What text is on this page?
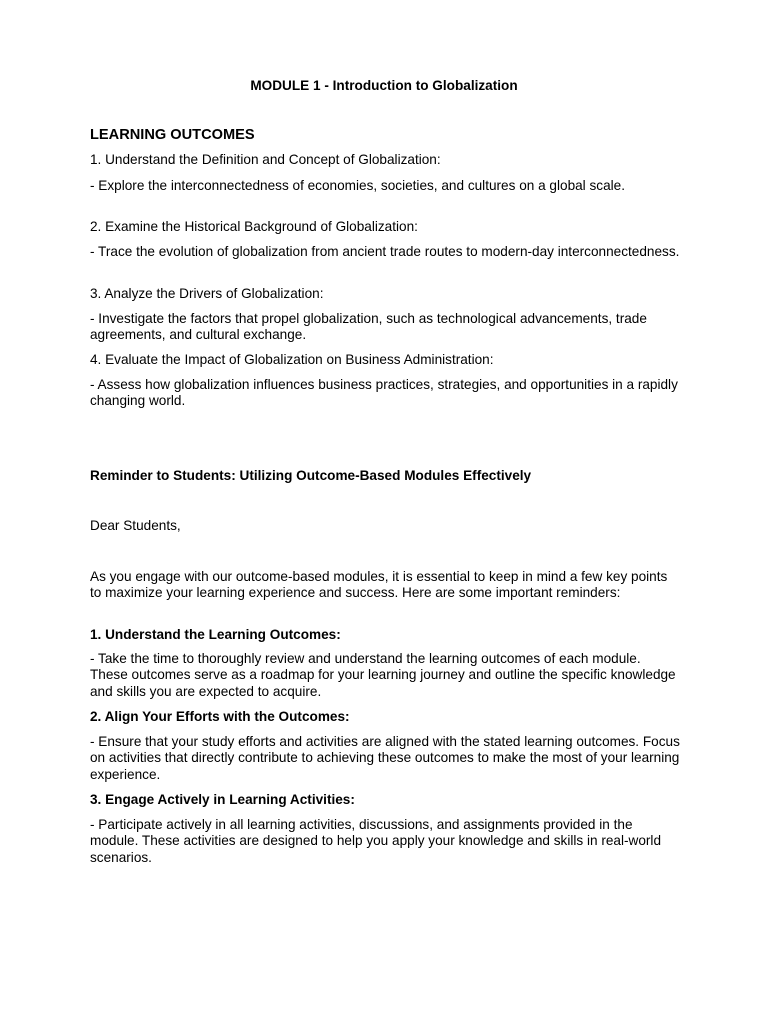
MODULE 1 - Introduction to Globalization
LEARNING OUTCOMES
1. Understand the Definition and Concept of Globalization:
- Explore the interconnectedness of economies, societies, and cultures on a global scale.
2. Examine the Historical Background of Globalization:
- Trace the evolution of globalization from ancient trade routes to modern-day interconnectedness.
3. Analyze the Drivers of Globalization:
- Investigate the factors that propel globalization, such as technological advancements, trade agreements, and cultural exchange.
4. Evaluate the Impact of Globalization on Business Administration:
- Assess how globalization influences business practices, strategies, and opportunities in a rapidly changing world.
Reminder to Students: Utilizing Outcome-Based Modules Effectively
Dear Students,
As you engage with our outcome-based modules, it is essential to keep in mind a few key points to maximize your learning experience and success. Here are some important reminders:
1. Understand the Learning Outcomes:
- Take the time to thoroughly review and understand the learning outcomes of each module. These outcomes serve as a roadmap for your learning journey and outline the specific knowledge and skills you are expected to acquire.
2. Align Your Efforts with the Outcomes:
- Ensure that your study efforts and activities are aligned with the stated learning outcomes. Focus on activities that directly contribute to achieving these outcomes to make the most of your learning experience.
3. Engage Actively in Learning Activities:
- Participate actively in all learning activities, discussions, and assignments provided in the module. These activities are designed to help you apply your knowledge and skills in real-world scenarios.
